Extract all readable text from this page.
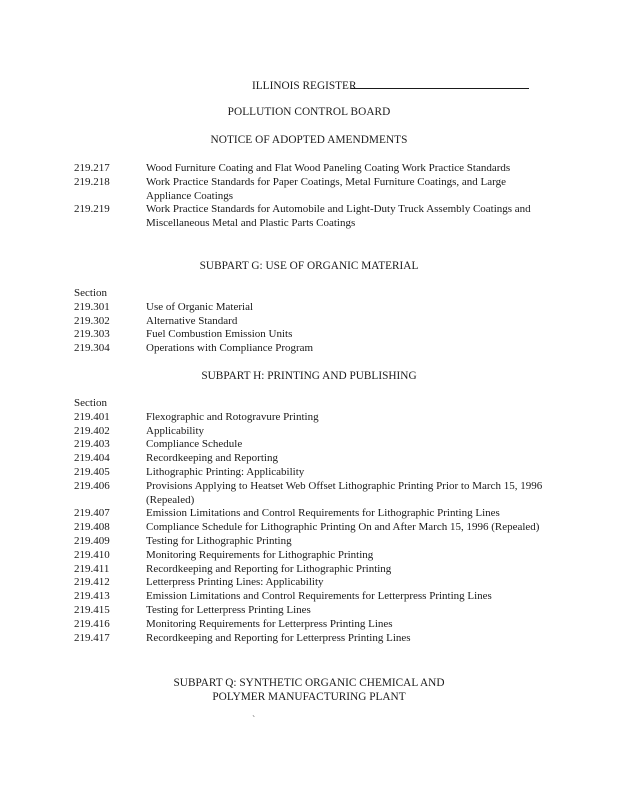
ILLINOIS REGISTER
POLLUTION CONTROL BOARD
NOTICE OF ADOPTED AMENDMENTS
219.217	Wood Furniture Coating and Flat Wood Paneling Coating Work Practice Standards
219.218	Work Practice Standards for Paper Coatings, Metal Furniture Coatings, and Large Appliance Coatings
219.219	Work Practice Standards for Automobile and Light-Duty Truck Assembly Coatings and Miscellaneous Metal and Plastic Parts Coatings
SUBPART G: USE OF ORGANIC MATERIAL
Section
219.301	Use of Organic Material
219.302	Alternative Standard
219.303	Fuel Combustion Emission Units
219.304	Operations with Compliance Program
SUBPART H: PRINTING AND PUBLISHING
Section
219.401	Flexographic and Rotogravure Printing
219.402	Applicability
219.403	Compliance Schedule
219.404	Recordkeeping and Reporting
219.405	Lithographic Printing: Applicability
219.406	Provisions Applying to Heatset Web Offset Lithographic Printing Prior to March 15, 1996 (Repealed)
219.407	Emission Limitations and Control Requirements for Lithographic Printing Lines
219.408	Compliance Schedule for Lithographic Printing On and After March 15, 1996 (Repealed)
219.409	Testing for Lithographic Printing
219.410	Monitoring Requirements for Lithographic Printing
219.411	Recordkeeping and Reporting for Lithographic Printing
219.412	Letterpress Printing Lines: Applicability
219.413	Emission Limitations and Control Requirements for Letterpress Printing Lines
219.415	Testing for Letterpress Printing Lines
219.416	Monitoring Requirements for Letterpress Printing Lines
219.417	Recordkeeping and Reporting for Letterpress Printing Lines
SUBPART Q: SYNTHETIC ORGANIC CHEMICAL AND
POLYMER MANUFACTURING PLANT
`
